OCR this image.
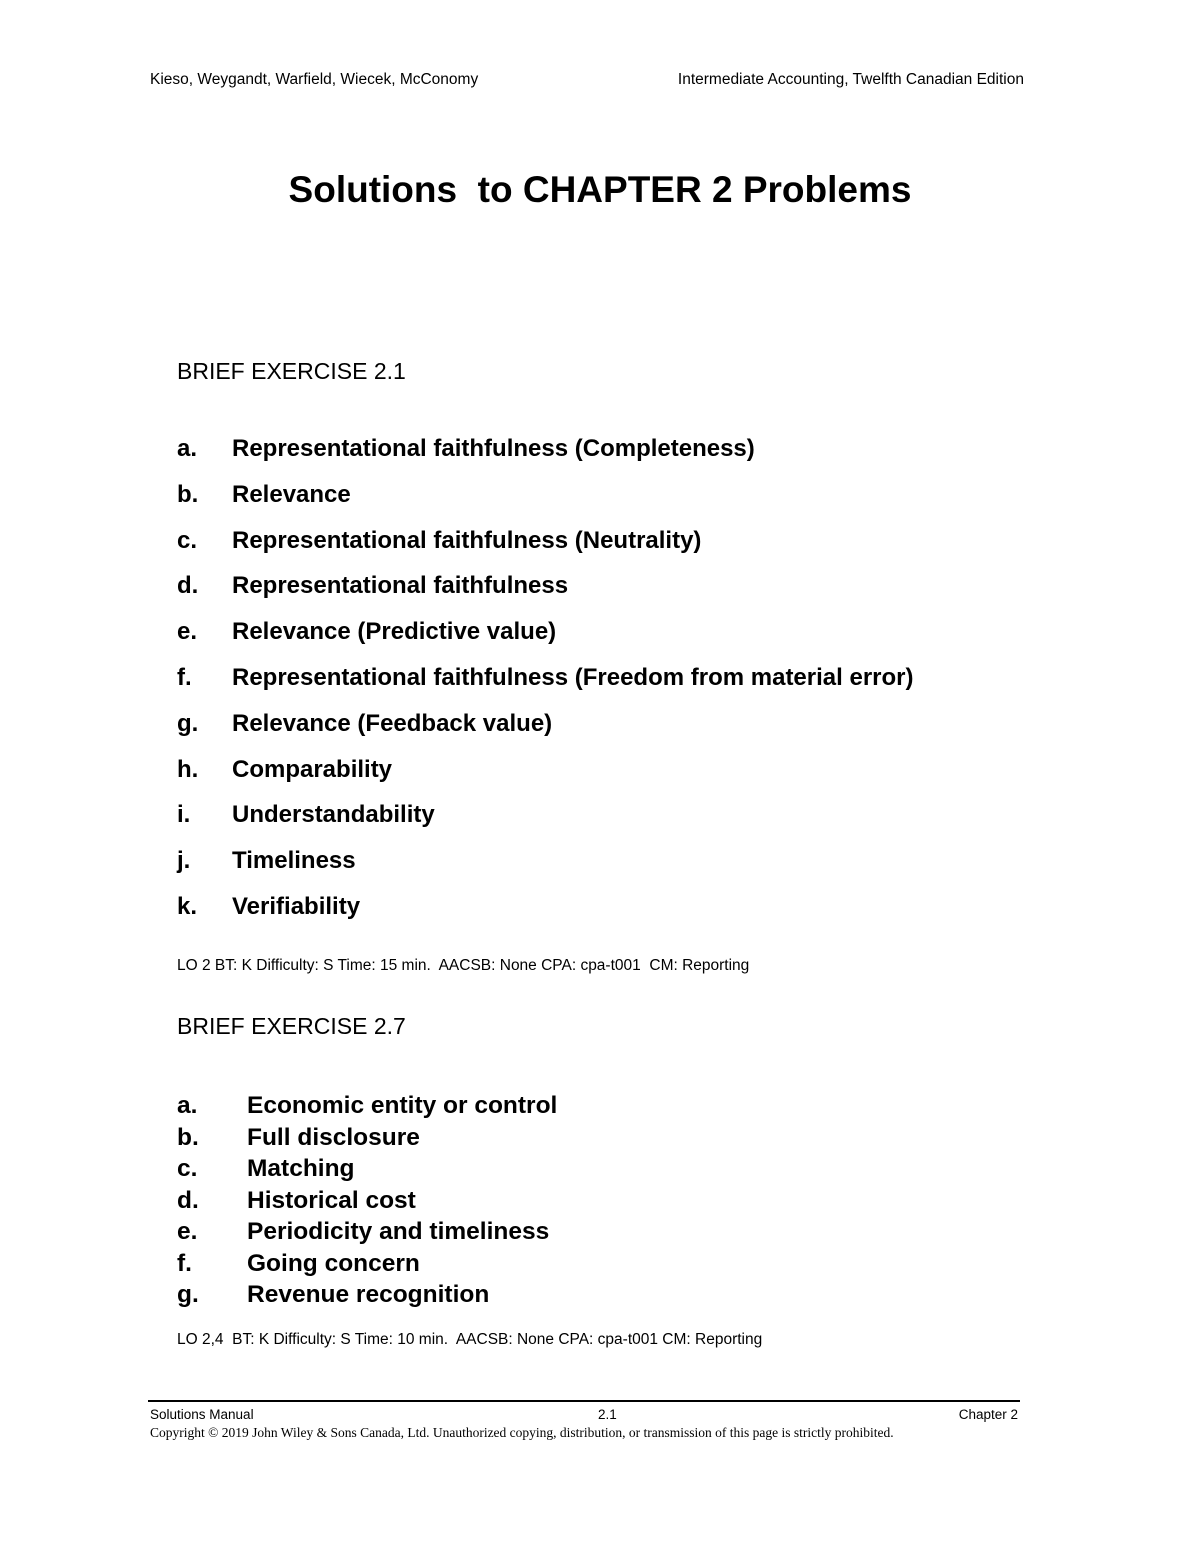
Kieso, Weygandt, Warfield, Wiecek, McConomy	Intermediate Accounting, Twelfth Canadian Edition
Solutions  to CHAPTER 2 Problems
BRIEF EXERCISE 2.1
a.	Representational faithfulness (Completeness)
b.	Relevance
c.	Representational faithfulness (Neutrality)
d.	Representational faithfulness
e.	Relevance (Predictive value)
f.	Representational faithfulness (Freedom from material error)
g.	Relevance (Feedback value)
h.	Comparability
i.	Understandability
j.	Timeliness
k.	Verifiability
LO 2 BT: K Difficulty: S Time: 15 min.  AACSB: None CPA: cpa-t001  CM: Reporting
BRIEF EXERCISE 2.7
a.	Economic entity or control
b.	Full disclosure
c.	Matching
d.	Historical cost
e.	Periodicity and timeliness
f.	Going concern
g.	Revenue recognition
LO 2,4  BT: K Difficulty: S Time: 10 min.  AACSB: None CPA: cpa-t001 CM: Reporting
Solutions Manual	2.1	Chapter 2
Copyright © 2019 John Wiley & Sons Canada, Ltd. Unauthorized copying, distribution, or transmission of this page is strictly prohibited.
